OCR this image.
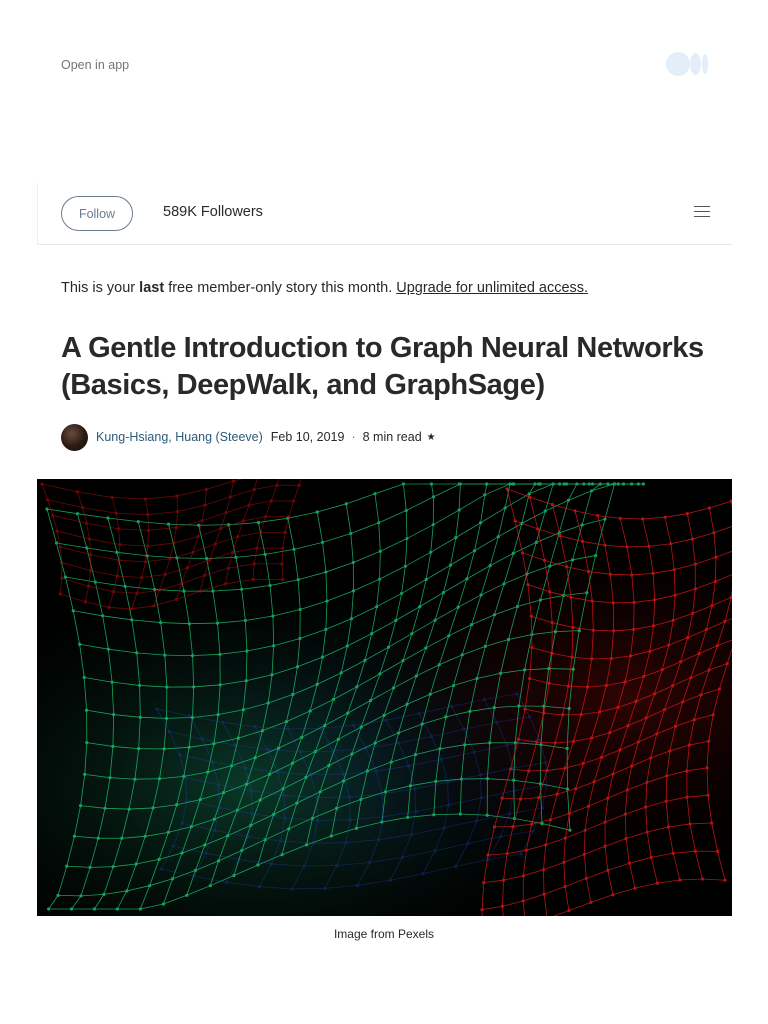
Open in app
Follow	589K Followers

This is your last free member-only story this month. Upgrade for unlimited access.

A Gentle Introduction to Graph Neural Networks (Basics, DeepWalk, and GraphSage)
Kung-Hsiang, Huang (Steeve) Feb 10, 2019 · 8 min read ★
Image from Pexels
